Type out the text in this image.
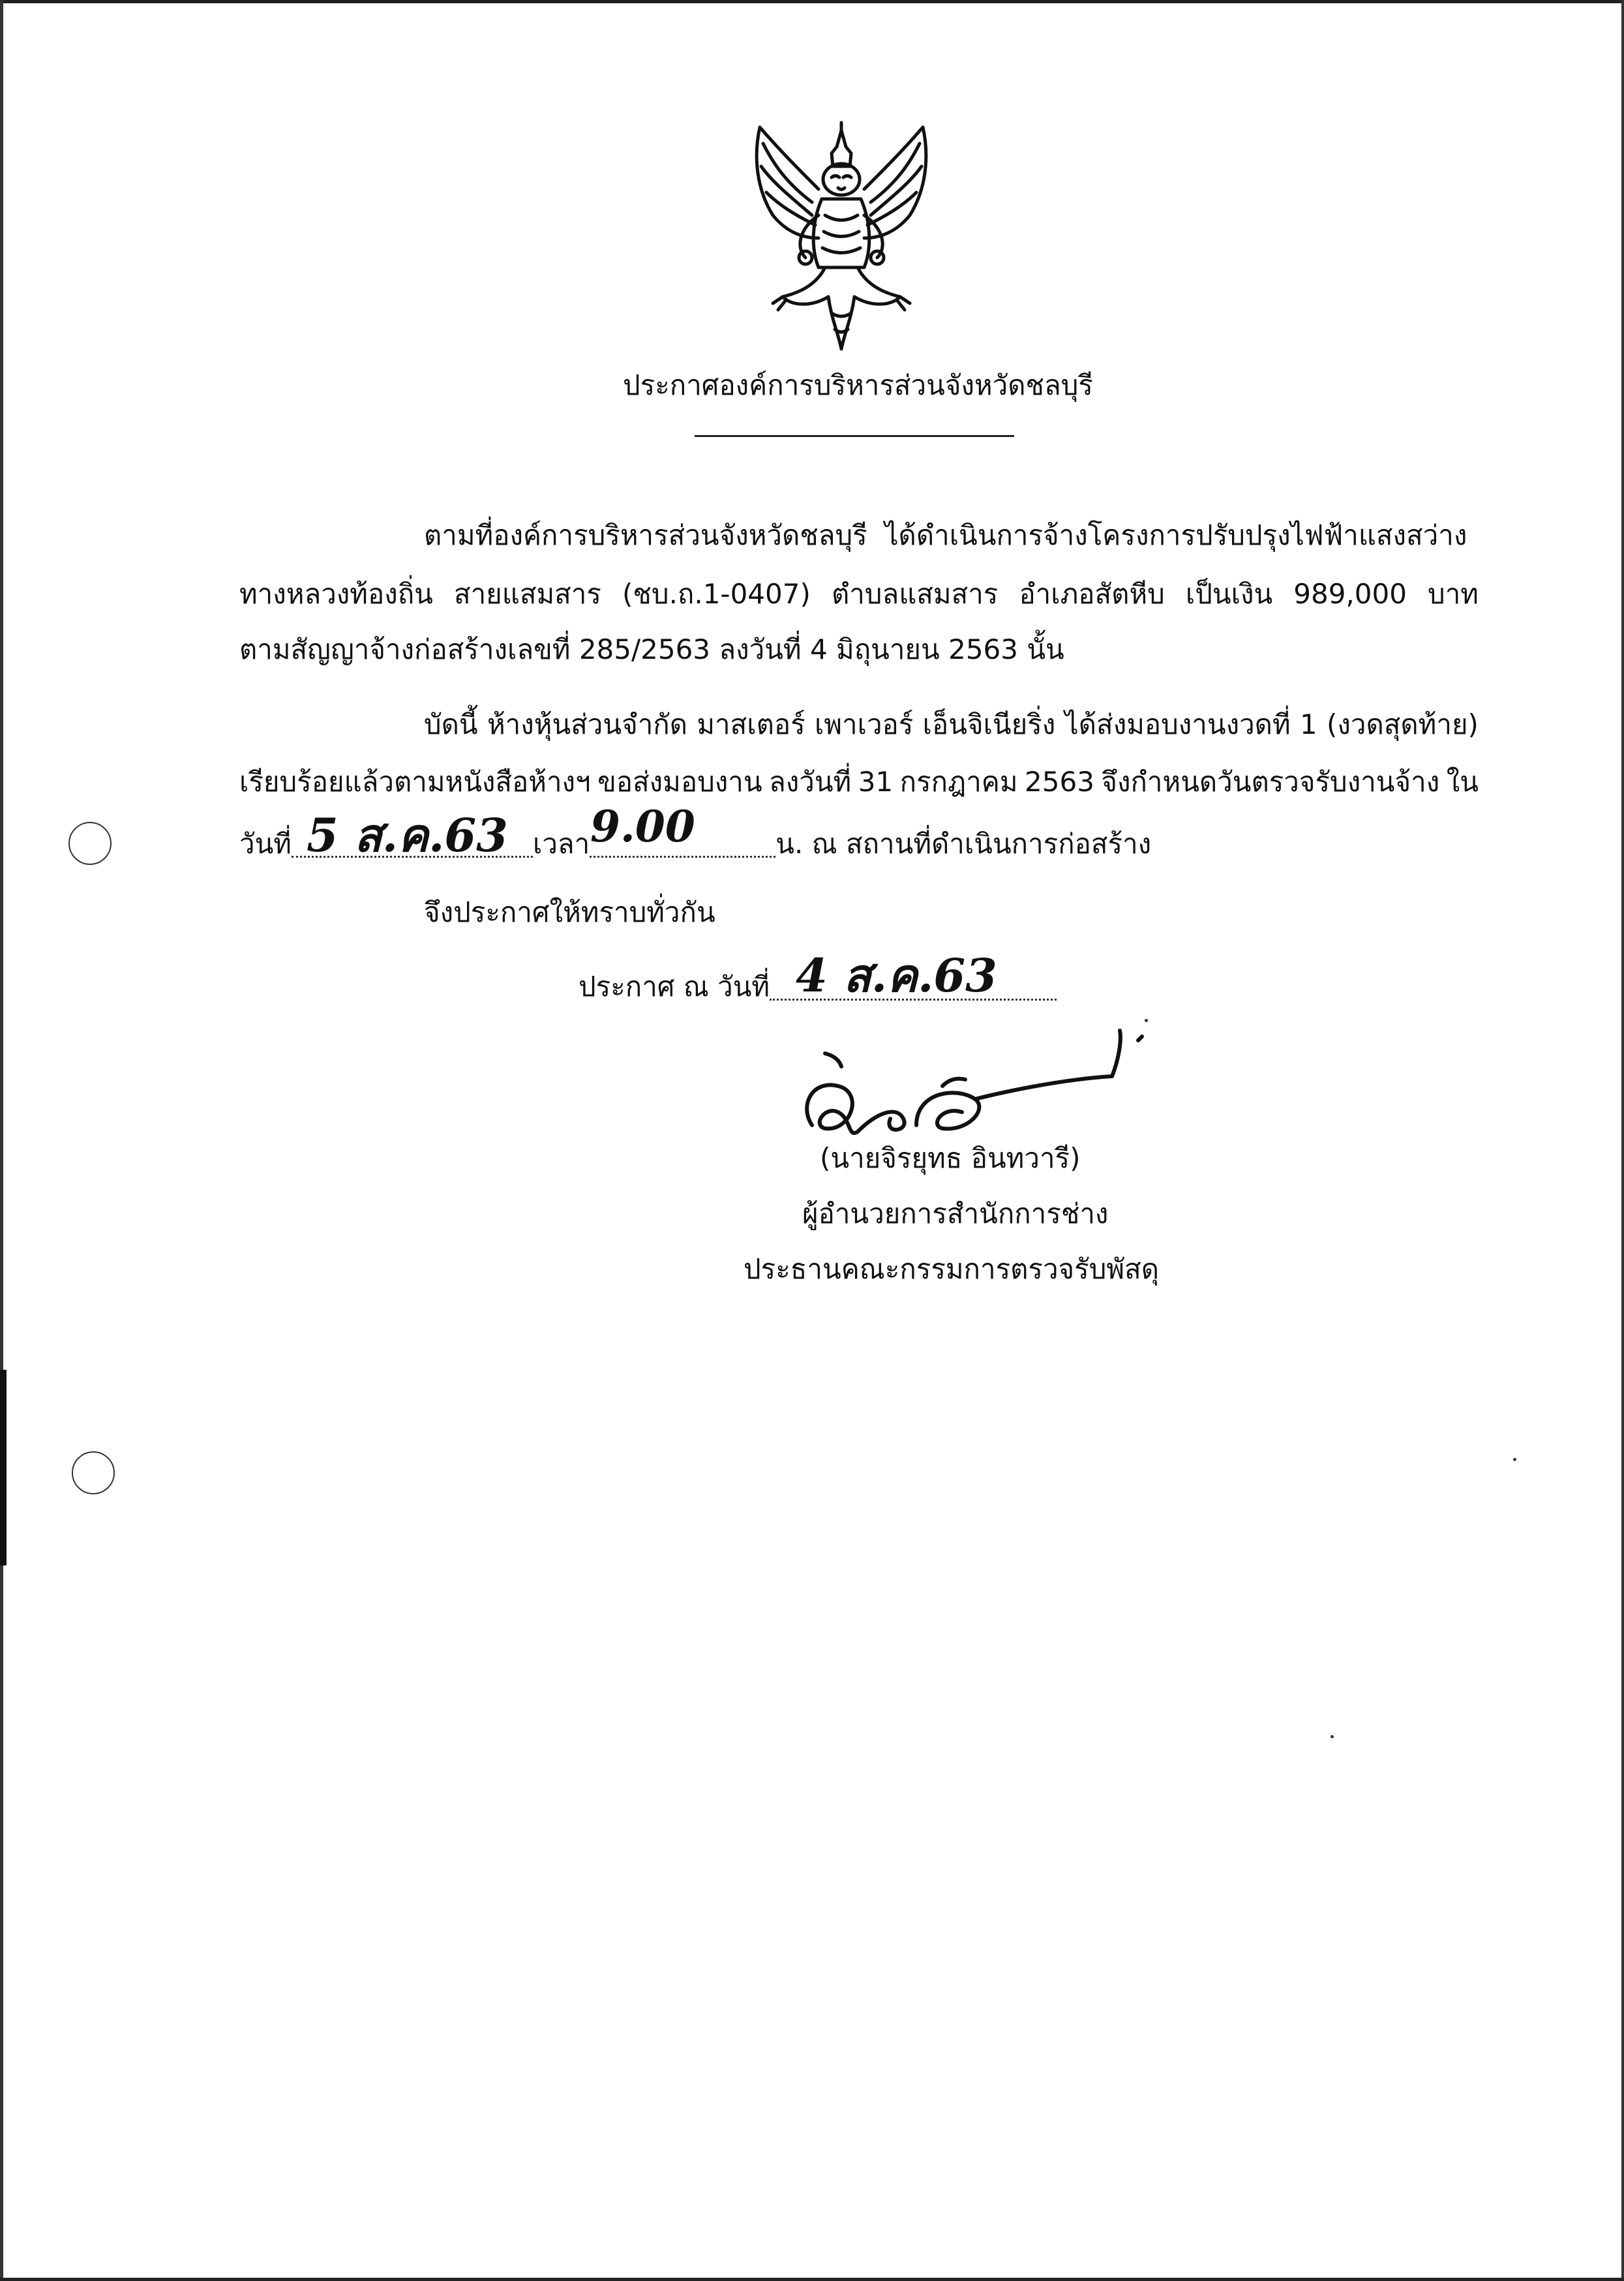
ประกาศองค์การบริหารส่วนจังหวัดชลบุรี
ตามที่องค์การบริหารส่วนจังหวัดชลบุรี ได้ดำเนินการจ้างโครงการปรับปรุงไฟฟ้าแสงสว่าง
ทางหลวงท้องถิ่น สายแสมสาร (ชบ.ถ.1-0407) ตำบลแสมสาร อำเภอสัตหีบ เป็นเงิน 989,000 บาท
ตามสัญญาจ้างก่อสร้างเลขที่ 285/2563 ลงวันที่ 4 มิถุนายน 2563 นั้น
บัดนี้ ห้างหุ้นส่วนจำกัด มาสเตอร์ เพาเวอร์ เอ็นจิเนียริ่ง ได้ส่งมอบงานงวดที่ 1 (งวดสุดท้าย)
เรียบร้อยแล้วตามหนังสือห้างฯ ขอส่งมอบงาน ลงวันที่ 31 กรกฎาคม 2563 จึงกำหนดวันตรวจรับงานจ้าง ใน
วันที่	เวลา	น. ณ สถานที่ดำเนินการก่อสร้าง
5 ส.ค.63 9.00
จึงประกาศให้ทราบทั่วกัน
ประกาศ ณ วันที่ 4 ส.ค.63
(นายจิรยุทธ อินทวารี)
ผู้อำนวยการสำนักการช่าง
ประธานคณะกรรมการตรวจรับพัสดุ
